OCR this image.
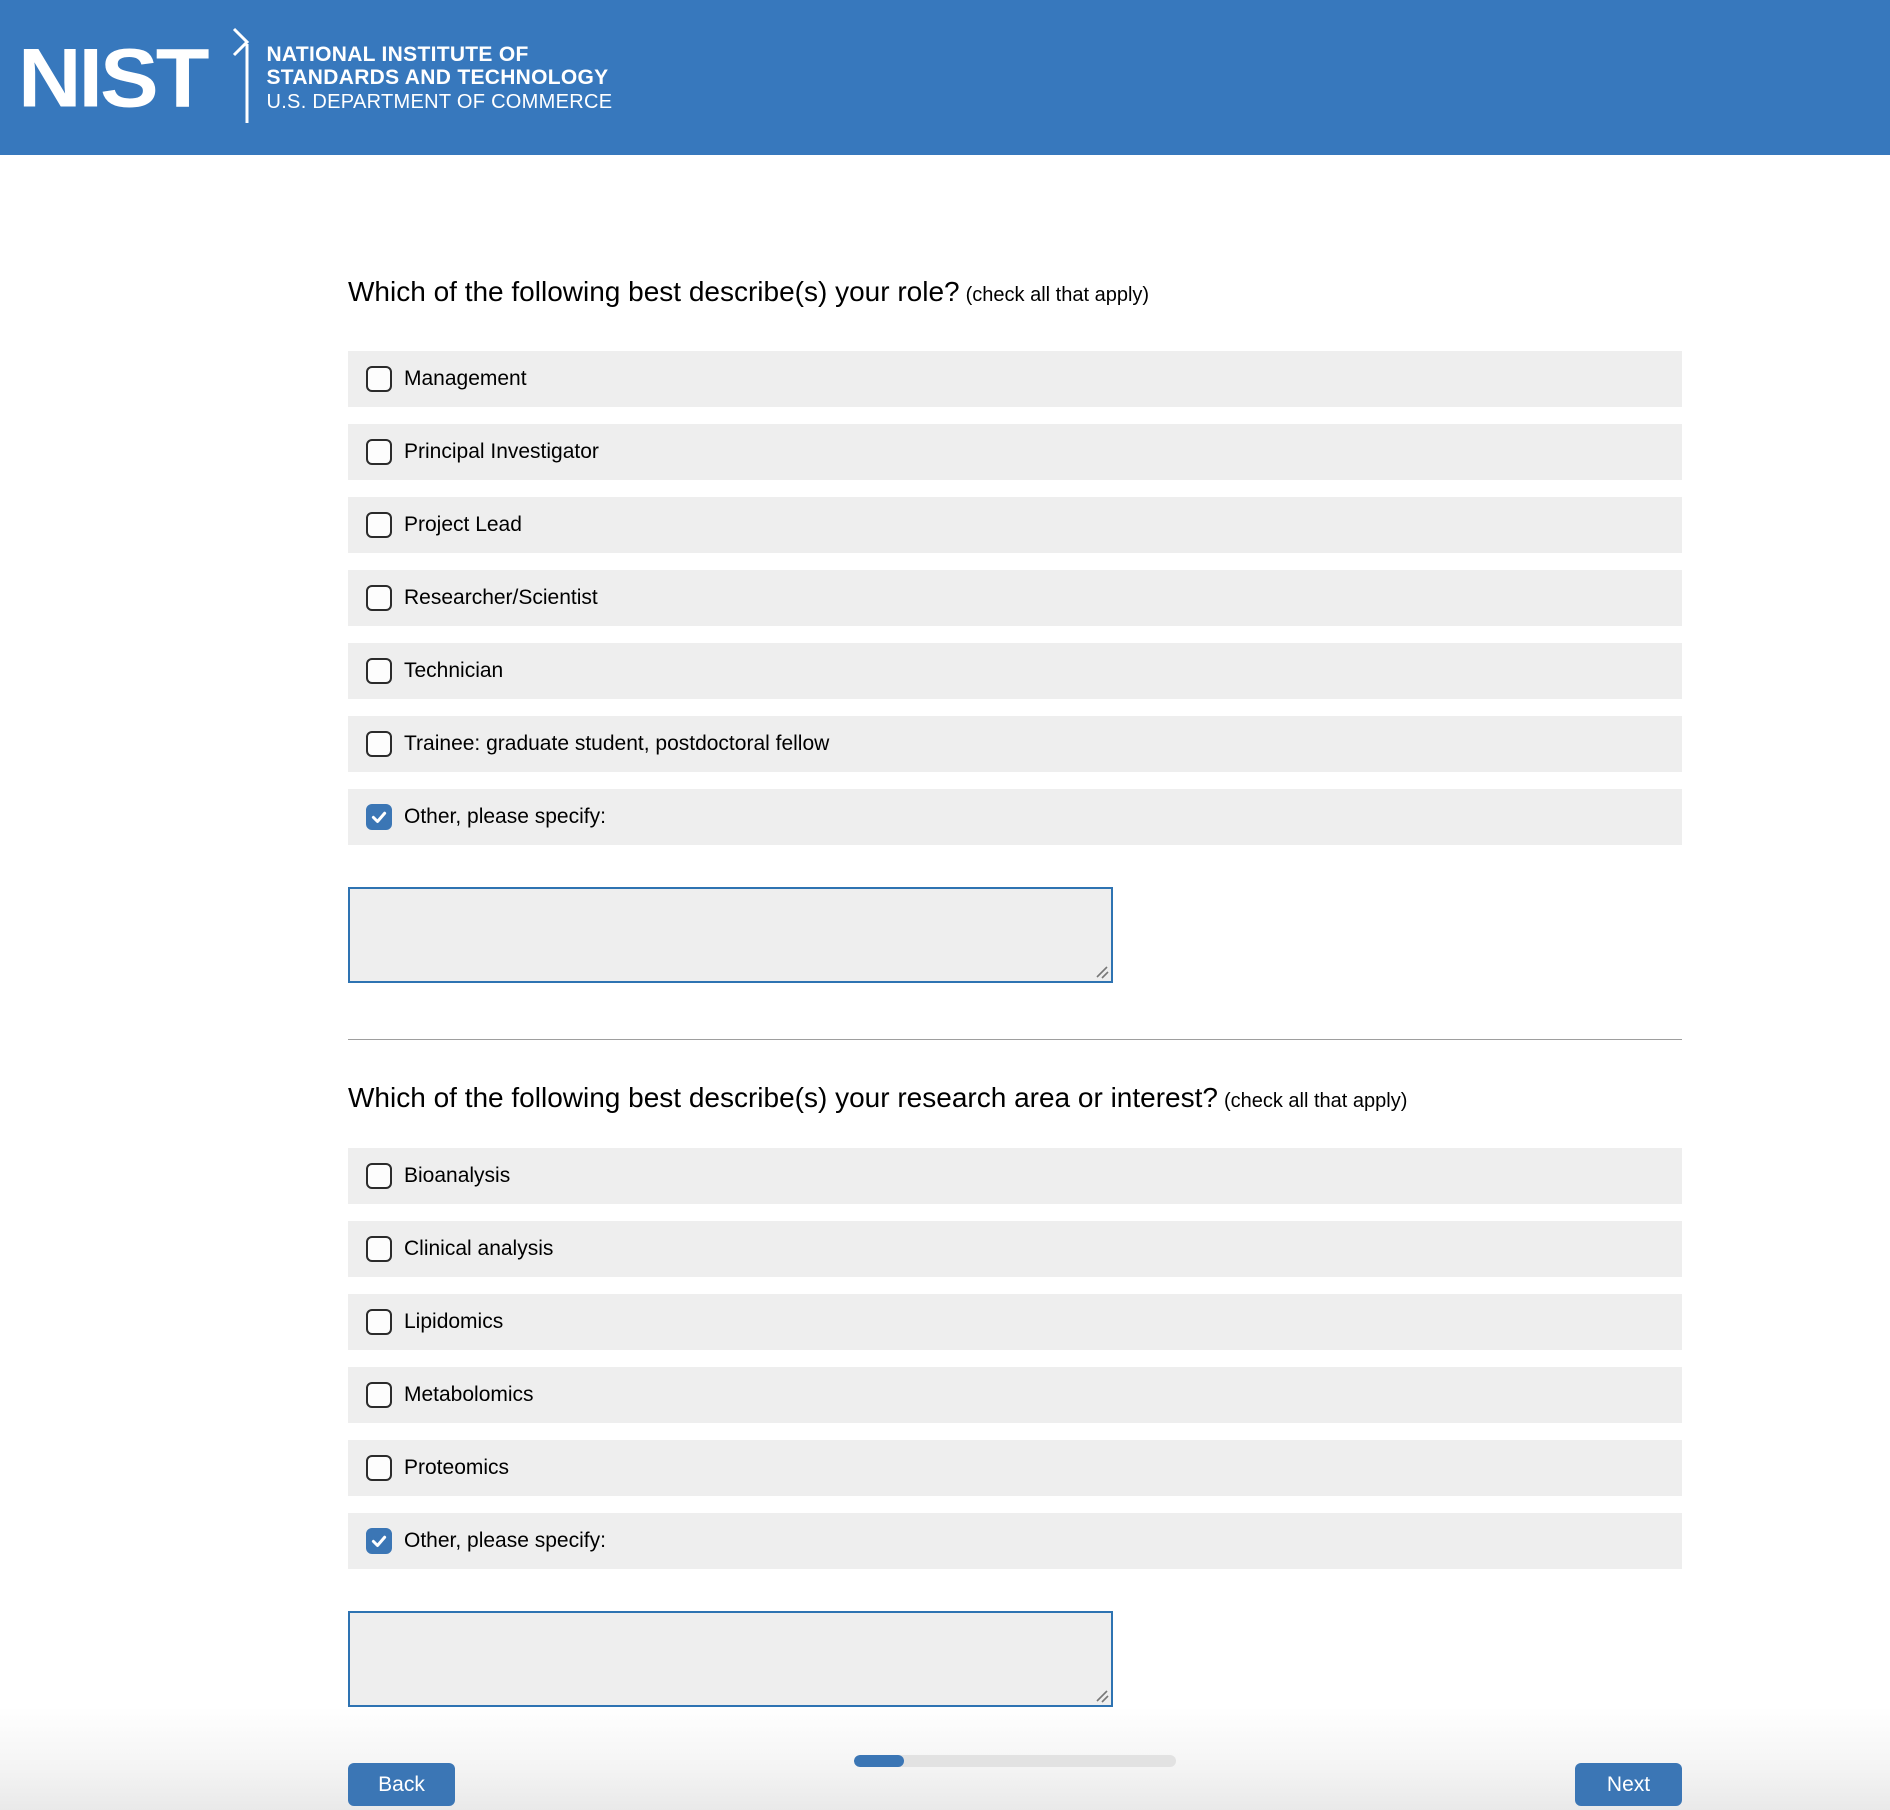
NIST	NATIONAL INSTITUTE OF
STANDARDS AND TECHNOLOGY
U.S. DEPARTMENT OF COMMERCE
Which of the following best describe(s) your role? (check all that apply)
Management
Principal Investigator
Project Lead
Researcher/Scientist
Technician
Trainee: graduate student, postdoctoral fellow
Other, please specify:
Which of the following best describe(s) your research area or interest? (check all that apply)
Bioanalysis
Clinical analysis
Lipidomics
Metabolomics
Proteomics
Other, please specify:
Back	Next
